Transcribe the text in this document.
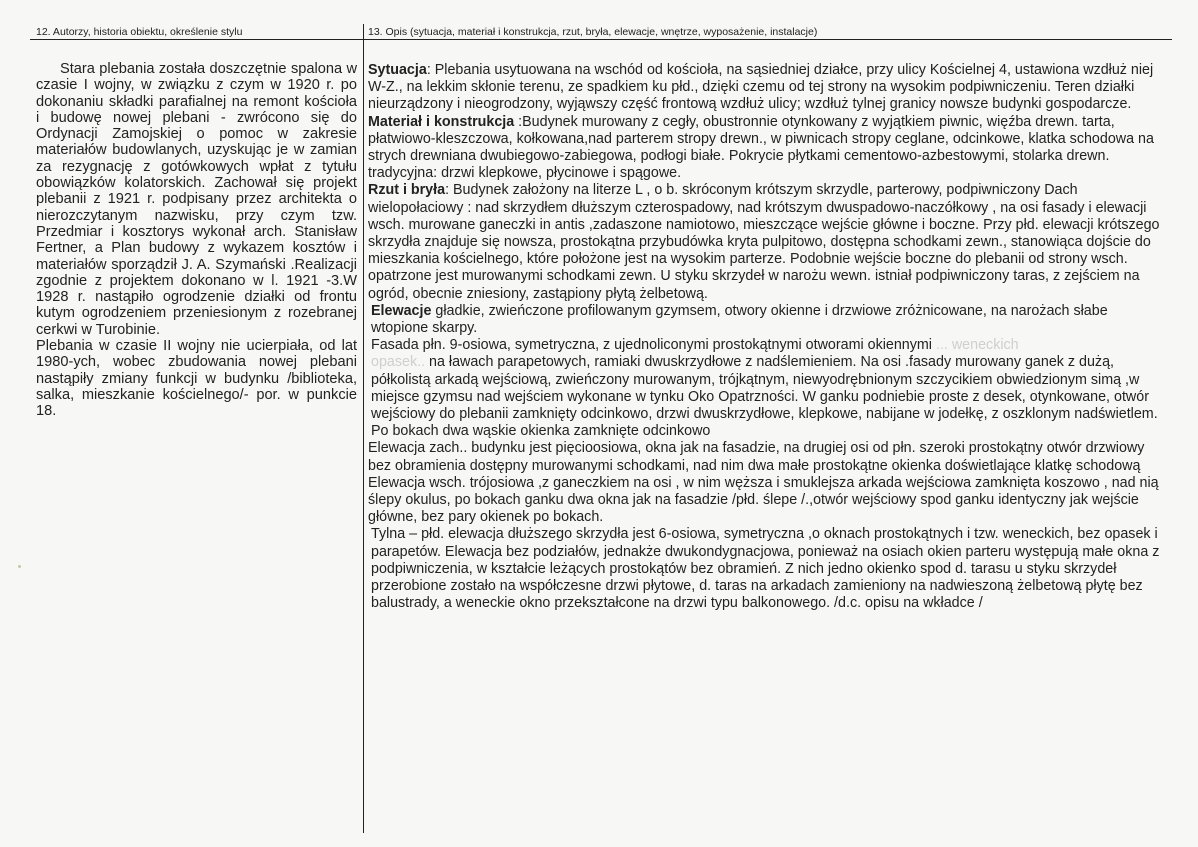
12. Autorzy, historia obiektu, określenie stylu	13. Opis (sytuacja, materiał i konstrukcja, rzut, bryła, elewacje, wnętrze, wyposażenie, instalacje)

Stara plebania została doszczętnie spalona w czasie I wojny, w związku z czym w 1920 r. po dokonaniu składki parafialnej na remont kościoła i budowę nowej plebani - zwrócono się do Ordynacji Zamojskiej o pomoc w zakresie materiałów budowlanych, uzyskując je w zamian za rezygnację z gotówkowych wpłat z tytułu obowiązków kolatorskich. Zachował się projekt plebanii z 1921 r. podpisany przez architekta o nierozczytanym nazwisku, przy czym tzw. Przedmiar i kosztorys wykonał arch. Stanisław Fertner, a Plan budowy z wykazem kosztów i materiałów sporządził J. A. Szymański .Realizacji zgodnie z projektem dokonano w l. 1921 -3.W 1928 r. nastąpiło ogrodzenie działki od frontu kutym ogrodzeniem przeniesionym z rozebranej cerkwi w Turobinie.

Plebania w czasie II wojny nie ucierpiała, od lat 1980-ych, wobec zbudowania nowej plebani nastąpiły zmiany funkcji w budynku /biblioteka, salka, mieszkanie kościelnego/- por. w punkcie 18.

Sytuacja: Plebania usytuowana na wschód od kościoła, na sąsiedniej działce, przy ulicy Kościelnej 4, ustawiona wzdłuż niej W-Z., na lekkim skłonie terenu, ze spadkiem ku płd., dzięki czemu od tej strony na wysokim podpiwniczeniu. Teren działki nieurządzony i nieogrodzony, wyjąwszy część frontową wzdłuż ulicy; wzdłuż tylnej granicy nowsze budynki gospodarcze.

Materiał i konstrukcja :Budynek murowany z cegły, obustronnie otynkowany z wyjątkiem piwnic, więźba drewn. tarta, płatwiowo-kleszczowa, kołkowana,nad parterem stropy drewn., w piwnicach stropy ceglane, odcinkowe, klatka schodowa na strych drewniana dwubiegowo-zabiegowa, podłogi białe. Pokrycie płytkami cementowo-azbestowymi, stolarka drewn. tradycyjna: drzwi klepkowe, płycinowe i spągowe.

Rzut i bryła: Budynek założony na literze L , o b. skróconym krótszym skrzydle, parterowy, podpiwniczony Dach wielopołaciowy : nad skrzydłem dłuższym czterospadowy, nad krótszym dwuspadowo-naczółkowy , na osi fasady i elewacji wsch. murowane ganeczki in antis ,zadaszone namiotowo, mieszczące wejście główne i boczne. Przy płd. elewacji krótszego skrzydła znajduje się nowsza, prostokątna przybudówka kryta pulpitowo, dostępna schodkami zewn., stanowiąca dojście do mieszkania kościelnego, które położone jest na wysokim parterze. Podobnie wejście boczne do plebanii od strony wsch. opatrzone jest murowanymi schodkami zewn. U styku skrzydeł w narożu wewn. istniał podpiwniczony taras, z zejściem na ogród, obecnie zniesiony, zastąpiony płytą żelbetową.

Elewacje gładkie, zwieńczone profilowanym gzymsem, otwory okienne i drzwiowe zróżnicowane, na narożach słabe wtopione skarpy.

Fasada płn. 9-osiowa, symetryczna, z ujednoliconymi prostokątnymi otworami okiennymi ... weneckich
opasek.. na ławach parapetowych, ramiaki dwuskrzydłowe z nadślemieniem. Na osi .fasady murowany ganek z dużą, półkolistą arkadą wejściową, zwieńczony murowanym, trójkątnym, niewyodrębnionym szczycikiem obwiedzionym simą ,w miejsce gzymsu nad wejściem wykonane w tynku Oko Opatrzności. W ganku podniebie proste z desek, otynkowane, otwór wejściowy do plebanii zamknięty odcinkowo, drzwi dwuskrzydłowe, klepkowe, nabijane w jodełkę, z oszklonym nadświetlem. Po bokach dwa wąskie okienka zamknięte odcinkowo

Elewacja zach.. budynku jest pięcioosiowa, okna jak na fasadzie, na drugiej osi od płn. szeroki prostokątny otwór drzwiowy bez obramienia dostępny murowanymi schodkami, nad nim dwa małe prostokątne okienka doświetlające klatkę schodową

Elewacja wsch. trójosiowa ,z ganeczkiem na osi , w nim węższa i smuklejsza arkada wejściowa zamknięta koszowo , nad nią ślepy okulus, po bokach ganku dwa okna jak na fasadzie /płd. ślepe /.,otwór wejściowy spod ganku identyczny jak wejście główne, bez pary okienek po bokach.

Tylna – płd. elewacja dłuższego skrzydła jest 6-osiowa, symetryczna ,o oknach prostokątnych i tzw. weneckich, bez opasek i parapetów. Elewacja bez podziałów, jednakże dwukondygnacjowa, ponieważ na osiach okien parteru występują małe okna z podpiwniczenia, w kształcie leżących prostokątów bez obramień. Z nich jedno okienko spod d. tarasu u styku skrzydeł przerobione zostało na współczesne drzwi płytowe, d. taras na arkadach zamieniony na nadwieszoną żelbetową płytę bez balustrady, a weneckie okno przekształcone na drzwi typu balkonowego. /d.c. opisu na wkładce /
